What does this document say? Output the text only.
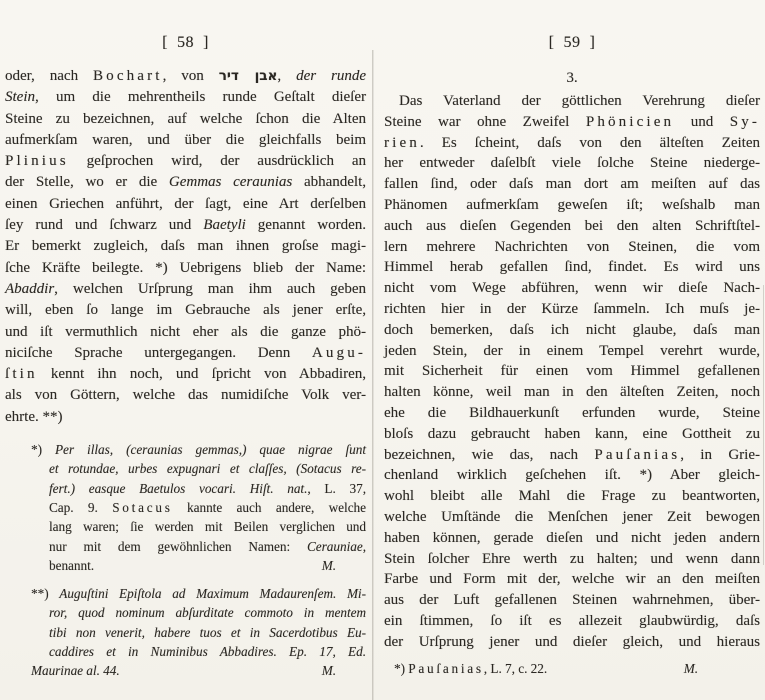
[  58  ]
oder, nach Bochart, von אבן דיר, der runde
Stein, um die mehrentheils runde Geſtalt dieſer
Steine zu bezeichnen, auf welche ſchon die Alten
aufmerkſam waren, und über die gleichfalls beim
Plinius geſprochen wird, der ausdrücklich an
der Stelle, wo er die Gemmas ceraunias abhandelt,
einen Griechen anführt, der ſagt, eine Art derſelben
ſey rund und ſchwarz und Baetyli genannt worden.
Er bemerkt zugleich, daſs man ihnen groſse magi-
ſche Kräfte beilegte. *) Uebrigens blieb der Name:
Abaddir, welchen Urſprung man ihm auch geben
will, eben ſo lange im Gebrauche als jener erſte,
und iſt vermuthlich nicht eher als die ganze phö-
niciſche Sprache untergegangen. Denn Augu-
ſtin kennt ihn noch, und ſpricht von Abbadiren,
als von Göttern, welche das numidiſche Volk ver-
ehrte. **)
*) Per illas, (ceraunias gemmas,) quae nigrae ſunt
et rotundae, urbes expugnari et claſſes, (Sotacus re-
fert.) easque Baetulos vocari. Hiſt. nat., L. 37,
Cap. 9. Sotacus kannte auch andere, welche
lang waren; ſie werden mit Beilen verglichen und
nur mit dem gewöhnlichen Namen: Cerauniae,
M.
benannt.
**) Auguſtini Epiſtola ad Maximum Madaurenſem. Mi-
ror, quod nominum abſurditate commoto in mentem
tibi non venerit, habere tuos et in Sacerdotibus Eu-
caddires et in Numinibus Abbadires. Ep. 17, Ed.
M.
Maurinae al. 44.
[  59  ]
3.
Das Vaterland der göttlichen Verehrung dieſer
Steine war ohne Zweifel Phönicien und Sy-
rien. Es ſcheint, daſs von den älteſten Zeiten
her entweder daſelbſt viele ſolche Steine niederge-
fallen ſind, oder daſs man dort am meiſten auf das
Phänomen aufmerkſam geweſen iſt; weſshalb man
auch aus dieſen Gegenden bei den alten Schriftſtel-
lern mehrere Nachrichten von Steinen, die vom
Himmel herab gefallen ſind, findet. Es wird uns
nicht vom Wege abführen, wenn wir dieſe Nach-
richten hier in der Kürze ſammeln. Ich muſs je-
doch bemerken, daſs ich nicht glaube, daſs man
jeden Stein, der in einem Tempel verehrt wurde,
mit Sicherheit für einen vom Himmel gefallenen
halten könne, weil man in den älteſten Zeiten, noch
ehe die Bildhauerkunſt erfunden wurde, Steine
bloſs dazu gebraucht haben kann, eine Gottheit zu
bezeichnen, wie das, nach Pauſanias, in Grie-
chenland wirklich geſchehen iſt. *) Aber gleich-
wohl bleibt alle Mahl die Frage zu beantworten,
welche Umſtände die Menſchen jener Zeit bewogen
haben können, gerade dieſen und nicht jeden andern
Stein ſolcher Ehre werth zu halten; und wenn dann
Farbe und Form mit der, welche wir an den meiſten
aus der Luft gefallenen Steinen wahrnehmen, über-
ein ſtimmen, ſo iſt es allezeit glaubwürdig, daſs
der Urſprung jener und dieſer gleich, und hieraus
M.
*) Pauſanias, L. 7, c. 22.
